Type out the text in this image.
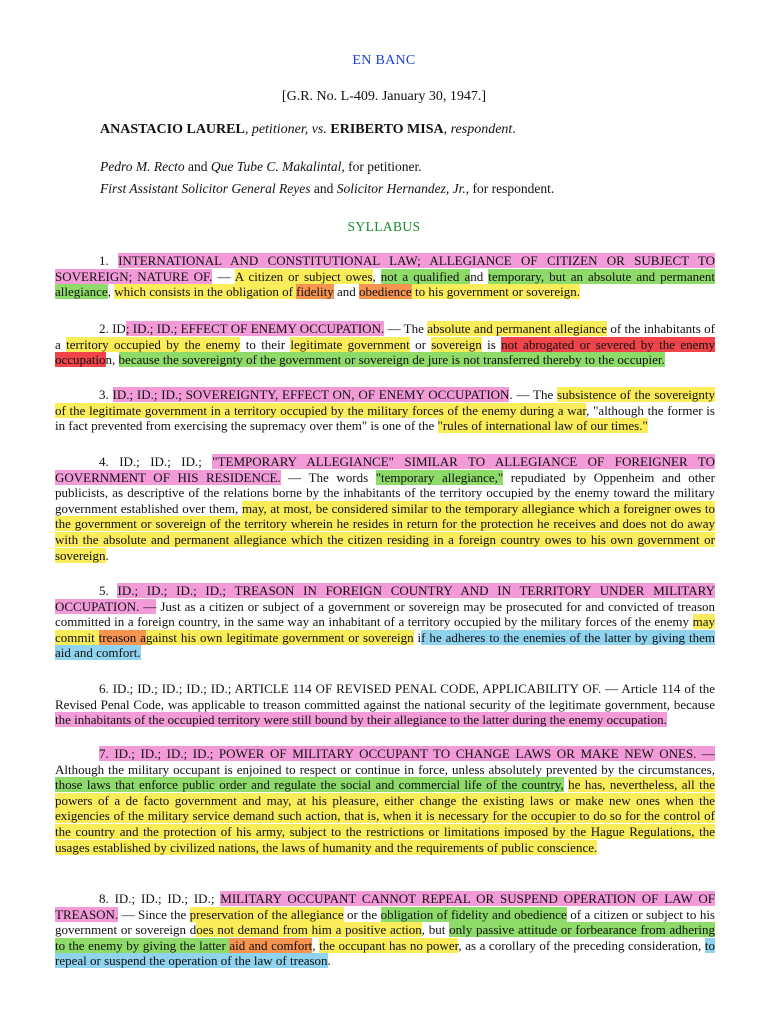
EN BANC
[G.R. No. L-409. January 30, 1947.]
ANASTACIO LAUREL, petitioner, vs. ERIBERTO MISA, respondent.
Pedro M. Recto and Que Tube C. Makalintal, for petitioner.
First Assistant Solicitor General Reyes and Solicitor Hernandez, Jr., for respondent.
SYLLABUS
1. INTERNATIONAL AND CONSTITUTIONAL LAW; ALLEGIANCE OF CITIZEN OR SUBJECT TO SOVEREIGN; NATURE OF. — A citizen or subject owes, not a qualified and temporary, but an absolute and permanent allegiance, which consists in the obligation of fidelity and obedience to his government or sovereign.
2. ID; ID.; ID.; EFFECT OF ENEMY OCCUPATION. — The absolute and permanent allegiance of the inhabitants of a territory occupied by the enemy to their legitimate government or sovereign is not abrogated or severed by the enemy occupation, because the sovereignty of the government or sovereign de jure is not transferred thereby to the occupier.
3. ID.; ID.; ID.; SOVEREIGNTY, EFFECT ON, OF ENEMY OCCUPATION. — The subsistence of the sovereignty of the legitimate government in a territory occupied by the military forces of the enemy during a war, "although the former is in fact prevented from exercising the supremacy over them" is one of the "rules of international law of our times."
4. ID.; ID.; ID.; "TEMPORARY ALLEGIANCE" SIMILAR TO ALLEGIANCE OF FOREIGNER TO GOVERNMENT OF HIS RESIDENCE. — The words "temporary allegiance," repudiated by Oppenheim and other publicists, as descriptive of the relations borne by the inhabitants of the territory occupied by the enemy toward the military government established over them, may, at most, be considered similar to the temporary allegiance which a foreigner owes to the government or sovereign of the territory wherein he resides in return for the protection he receives and does not do away with the absolute and permanent allegiance which the citizen residing in a foreign country owes to his own government or sovereign.
5. ID.; ID.; ID.; ID.; TREASON IN FOREIGN COUNTRY AND IN TERRITORY UNDER MILITARY OCCUPATION. — Just as a citizen or subject of a government or sovereign may be prosecuted for and convicted of treason committed in a foreign country, in the same way an inhabitant of a territory occupied by the military forces of the enemy may commit treason against his own legitimate government or sovereign if he adheres to the enemies of the latter by giving them aid and comfort.
6. ID.; ID.; ID.; ID.; ID.; ARTICLE 114 OF REVISED PENAL CODE, APPLICABILITY OF. — Article 114 of the Revised Penal Code, was applicable to treason committed against the national security of the legitimate government, because the inhabitants of the occupied territory were still bound by their allegiance to the latter during the enemy occupation.
7. ID.; ID.; ID.; ID.; POWER OF MILITARY OCCUPANT TO CHANGE LAWS OR MAKE NEW ONES. — Although the military occupant is enjoined to respect or continue in force, unless absolutely prevented by the circumstances, those laws that enforce public order and regulate the social and commercial life of the country, he has, nevertheless, all the powers of a de facto government and may, at his pleasure, either change the existing laws or make new ones when the exigencies of the military service demand such action, that is, when it is necessary for the occupier to do so for the control of the country and the protection of his army, subject to the restrictions or limitations imposed by the Hague Regulations, the usages established by civilized nations, the laws of humanity and the requirements of public conscience.
8. ID.; ID.; ID.; ID.; MILITARY OCCUPANT CANNOT REPEAL OR SUSPEND OPERATION OF LAW OF TREASON. — Since the preservation of the allegiance or the obligation of fidelity and obedience of a citizen or subject to his government or sovereign does not demand from him a positive action, but only passive attitude or forbearance from adhering to the enemy by giving the latter aid and comfort, the occupant has no power, as a corollary of the preceding consideration, to repeal or suspend the operation of the law of treason.
